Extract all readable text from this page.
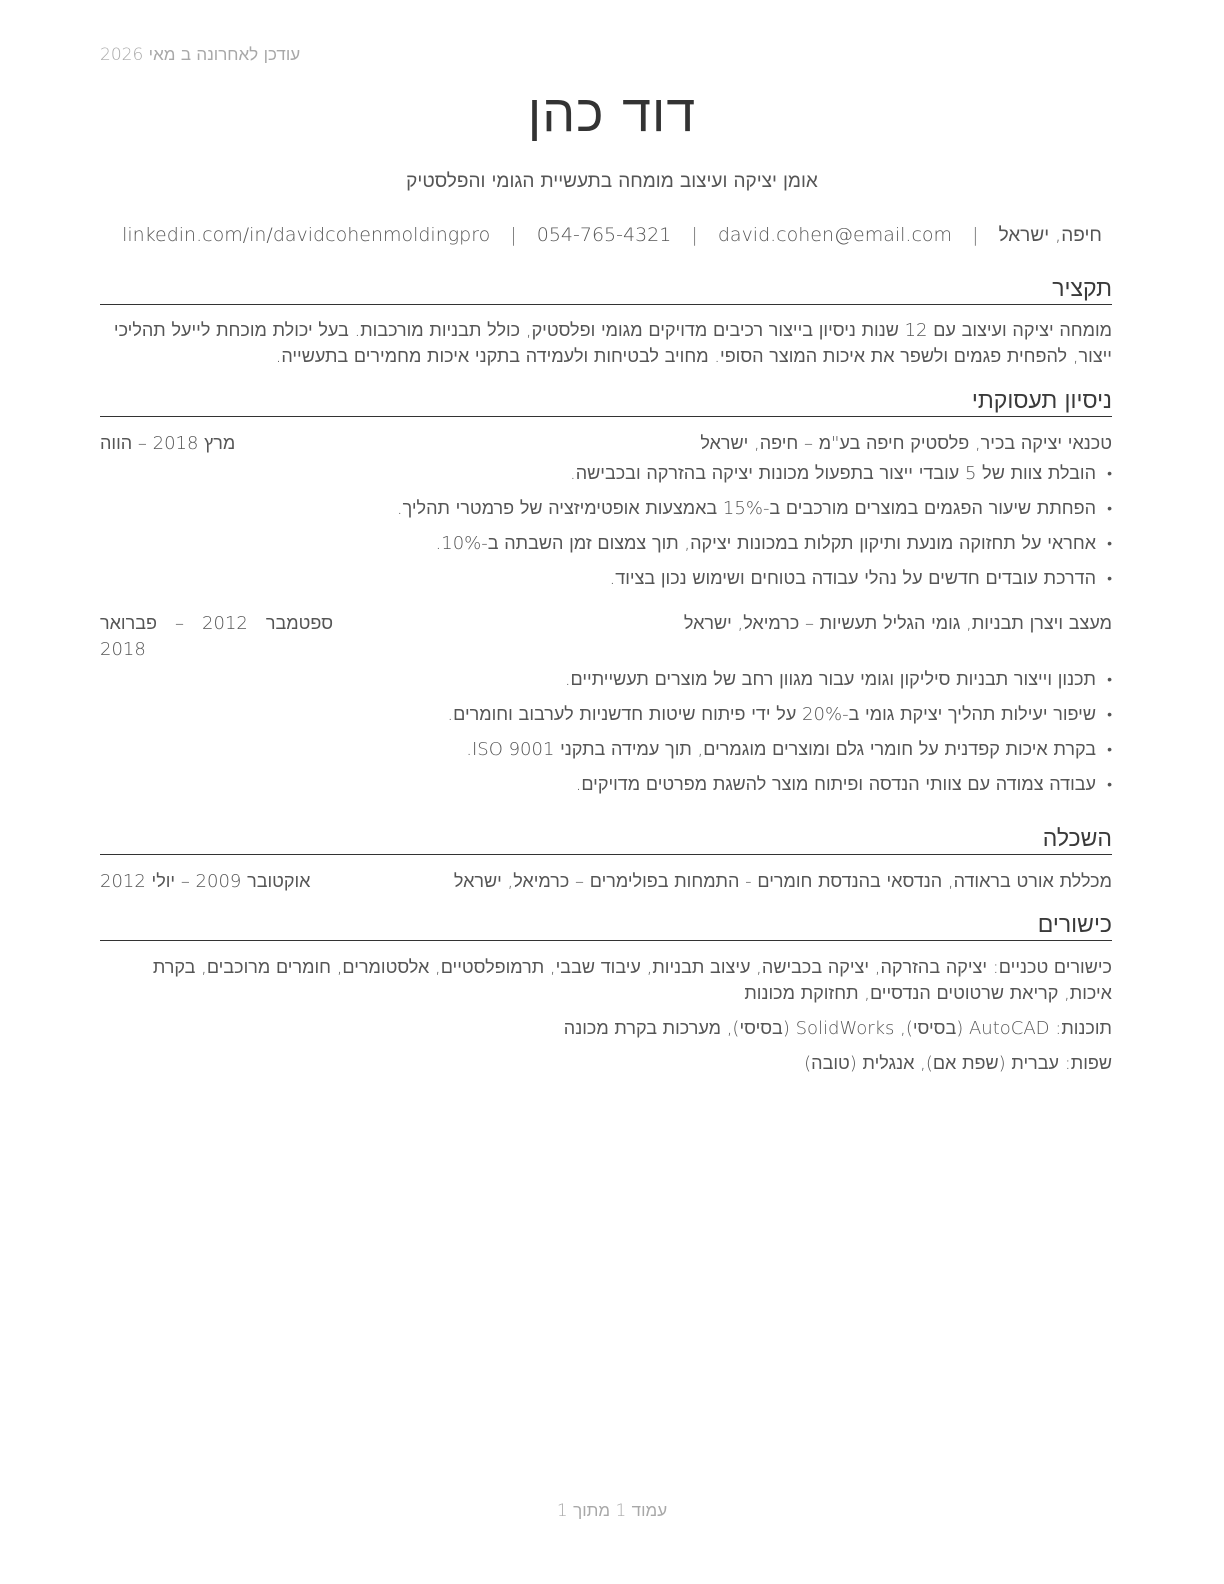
עודכן לאחרונה ב מאי 2026
דוד כהן
אומן יציקה ועיצוב מומחה בתעשיית הגומי והפלסטיק
חיפה, ישראל | david.cohen@email.com | 054-765-4321 | linkedin.com/in/davidcohenmoldingpro
תקציר
מומחה יציקה ועיצוב עם 12 שנות ניסיון בייצור רכיבים מדויקים מגומי ופלסטיק, כולל תבניות מורכבות. בעל יכולת מוכחת לייעל תהליכי ייצור, להפחית פגמים ולשפר את איכות המוצר הסופי. מחויב לבטיחות ולעמידה בתקני איכות מחמירים בתעשייה.
ניסיון תעסוקתי
טכנאי יציקה בכיר, פלסטיק חיפה בע"מ – חיפה, ישראל
מרץ 2018 – הווה
• הובלת צוות של 5 עובדי ייצור בתפעול מכונות יציקה בהזרקה ובכבישה.
• הפחתת שיעור הפגמים במוצרים מורכבים ב-15% באמצעות אופטימיזציה של פרמטרי תהליך.
• אחראי על תחזוקה מונעת ותיקון תקלות במכונות יציקה, תוך צמצום זמן השבתה ב-10%.
• הדרכת עובדים חדשים על נהלי עבודה בטוחים ושימוש נכון בציוד.
מעצב ויצרן תבניות, גומי הגליל תעשיות – כרמיאל, ישראל
ספטמבר 2012 – פברואר 2018
• תכנון וייצור תבניות סיליקון וגומי עבור מגוון רחב של מוצרים תעשייתיים.
• שיפור יעילות תהליך יציקת גומי ב-20% על ידי פיתוח שיטות חדשניות לערבוב וחומרים.
• בקרת איכות קפדנית על חומרי גלם ומוצרים מוגמרים, תוך עמידה בתקני ISO 9001.
• עבודה צמודה עם צוותי הנדסה ופיתוח מוצר להשגת מפרטים מדויקים.
השכלה
מכללת אורט בראודה, הנדסאי בהנדסת חומרים - התמחות בפולימרים – כרמיאל, ישראל
אוקטובר 2009 – יולי 2012
כישורים
כישורים טכניים: יציקה בהזרקה, יציקה בכבישה, עיצוב תבניות, עיבוד שבבי, תרמופלסטיים, אלסטומרים, חומרים מרוכבים, בקרת איכות, קריאת שרטוטים הנדסיים, תחזוקת מכונות
תוכנות: AutoCAD (בסיסי), SolidWorks (בסיסי), מערכות בקרת מכונה
שפות: עברית (שפת אם), אנגלית (טובה)
עמוד 1 מתוך 1
